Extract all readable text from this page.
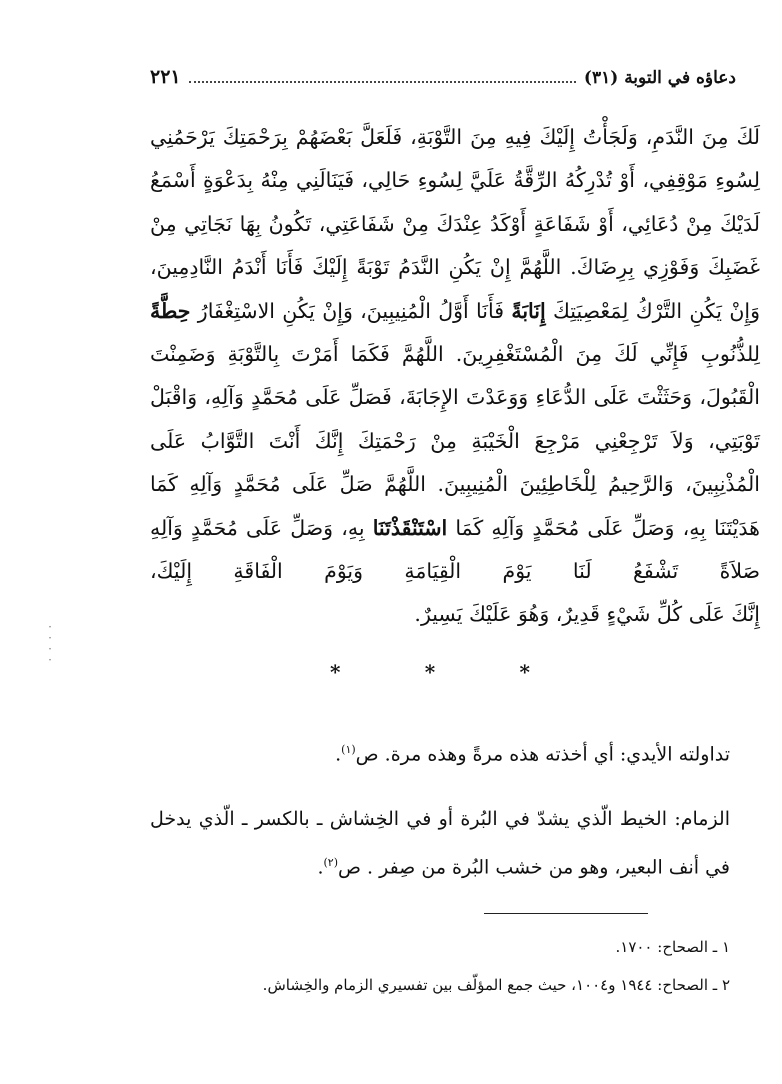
دعاؤه في التوبة (٣١)
٢٢١
لَكَ مِنَ النَّدَمِ، وَلَجَأْتُ إِلَيْكَ فِيهِ مِنَ التَّوْبَةِ، فَلَعَلَّ بَعْضَهُمْ بِرَحْمَتِكَ يَرْحَمُنِي لِسُوءِ مَوْقِفِي، أَوْ تُدْرِكُهُ الرِّقَّةُ عَلَيَّ لِسُوءِ حَالِي، فَيَنَالَنِي مِنْهُ بِدَعْوَةٍ أَسْمَعُ لَدَيْكَ مِنْ دُعَائِي، أَوْ شَفَاعَةٍ أَوْكَدُ عِنْدَكَ مِنْ شَفَاعَتِي، تَكُونُ بِهَا نَجَاتِي مِنْ غَضَبِكَ وَفَوْزِي بِرِضَاكَ. اللَّهُمَّ إِنْ يَكُنِ النَّدَمُ تَوْبَةً إِلَيْكَ فَأَنَا أَنْدَمُ النَّادِمِينَ، وَإِنْ يَكُنِ التَّرْكُ لِمَعْصِيَتِكَ إِنَابَةً فَأَنَا أَوَّلُ الْمُنِيبِينَ، وَإِنْ يَكُنِ الاسْتِغْفَارُ حِطَّةً لِلذُّنُوبِ فَإِنِّي لَكَ مِنَ الْمُسْتَغْفِرِينَ. اللَّهُمَّ فَكَمَا أَمَرْتَ بِالتَّوْبَةِ وَضَمِنْتَ الْقَبُولَ، وَحَثَثْتَ عَلَى الدُّعَاءِ وَوَعَدْتَ الإِجَابَةَ، فَصَلِّ عَلَى مُحَمَّدٍ وَآلِهِ، وَاقْبَلْ تَوْبَتِي، وَلاَ تَرْجِعْنِي مَرْجِعَ الْخَيْبَةِ مِنْ رَحْمَتِكَ إِنَّكَ أَنْتَ التَّوَّابُ عَلَى الْمُذْنِبِينَ، وَالرَّحِيمُ لِلْخَاطِئِينَ الْمُنِيبِينَ. اللَّهُمَّ صَلِّ عَلَى مُحَمَّدٍ وَآلِهِ كَمَا هَدَيْتَنَا بِهِ، وَصَلِّ عَلَى مُحَمَّدٍ وَآلِهِ كَمَا اسْتَنْقَذْتَنَا بِهِ، وَصَلِّ عَلَى مُحَمَّدٍ وَآلِهِ صَلاَةً تَشْفَعُ لَنَا يَوْمَ الْقِيَامَةِ وَيَوْمَ الْفَاقَةِ إِلَيْكَ،
إِنَّكَ عَلَى كُلِّ شَيْءٍ قَدِيرٌ، وَهُوَ عَلَيْكَ يَسِيرٌ.
·
·
·
·	*	*	*
تداولته الأيدي: أي أخذته هذه مرةً وهذه مرة. ص$^{(١)}$.
الزمام: الخيط الّذي يشدّ في البُرة أو في الخِشاش ـ بالكسر ـ الّذي يدخل في أنف البعير، وهو من خشب البُرة من صِفر . ص$^{(٢)}$.
١ ـ الصحاح: ١٧٠٠.
٢ ـ الصحاح: ١٩٤٤ و١٠٠٤، حيث جمع المؤلّف بين تفسيري الزمام والخِشاش.
